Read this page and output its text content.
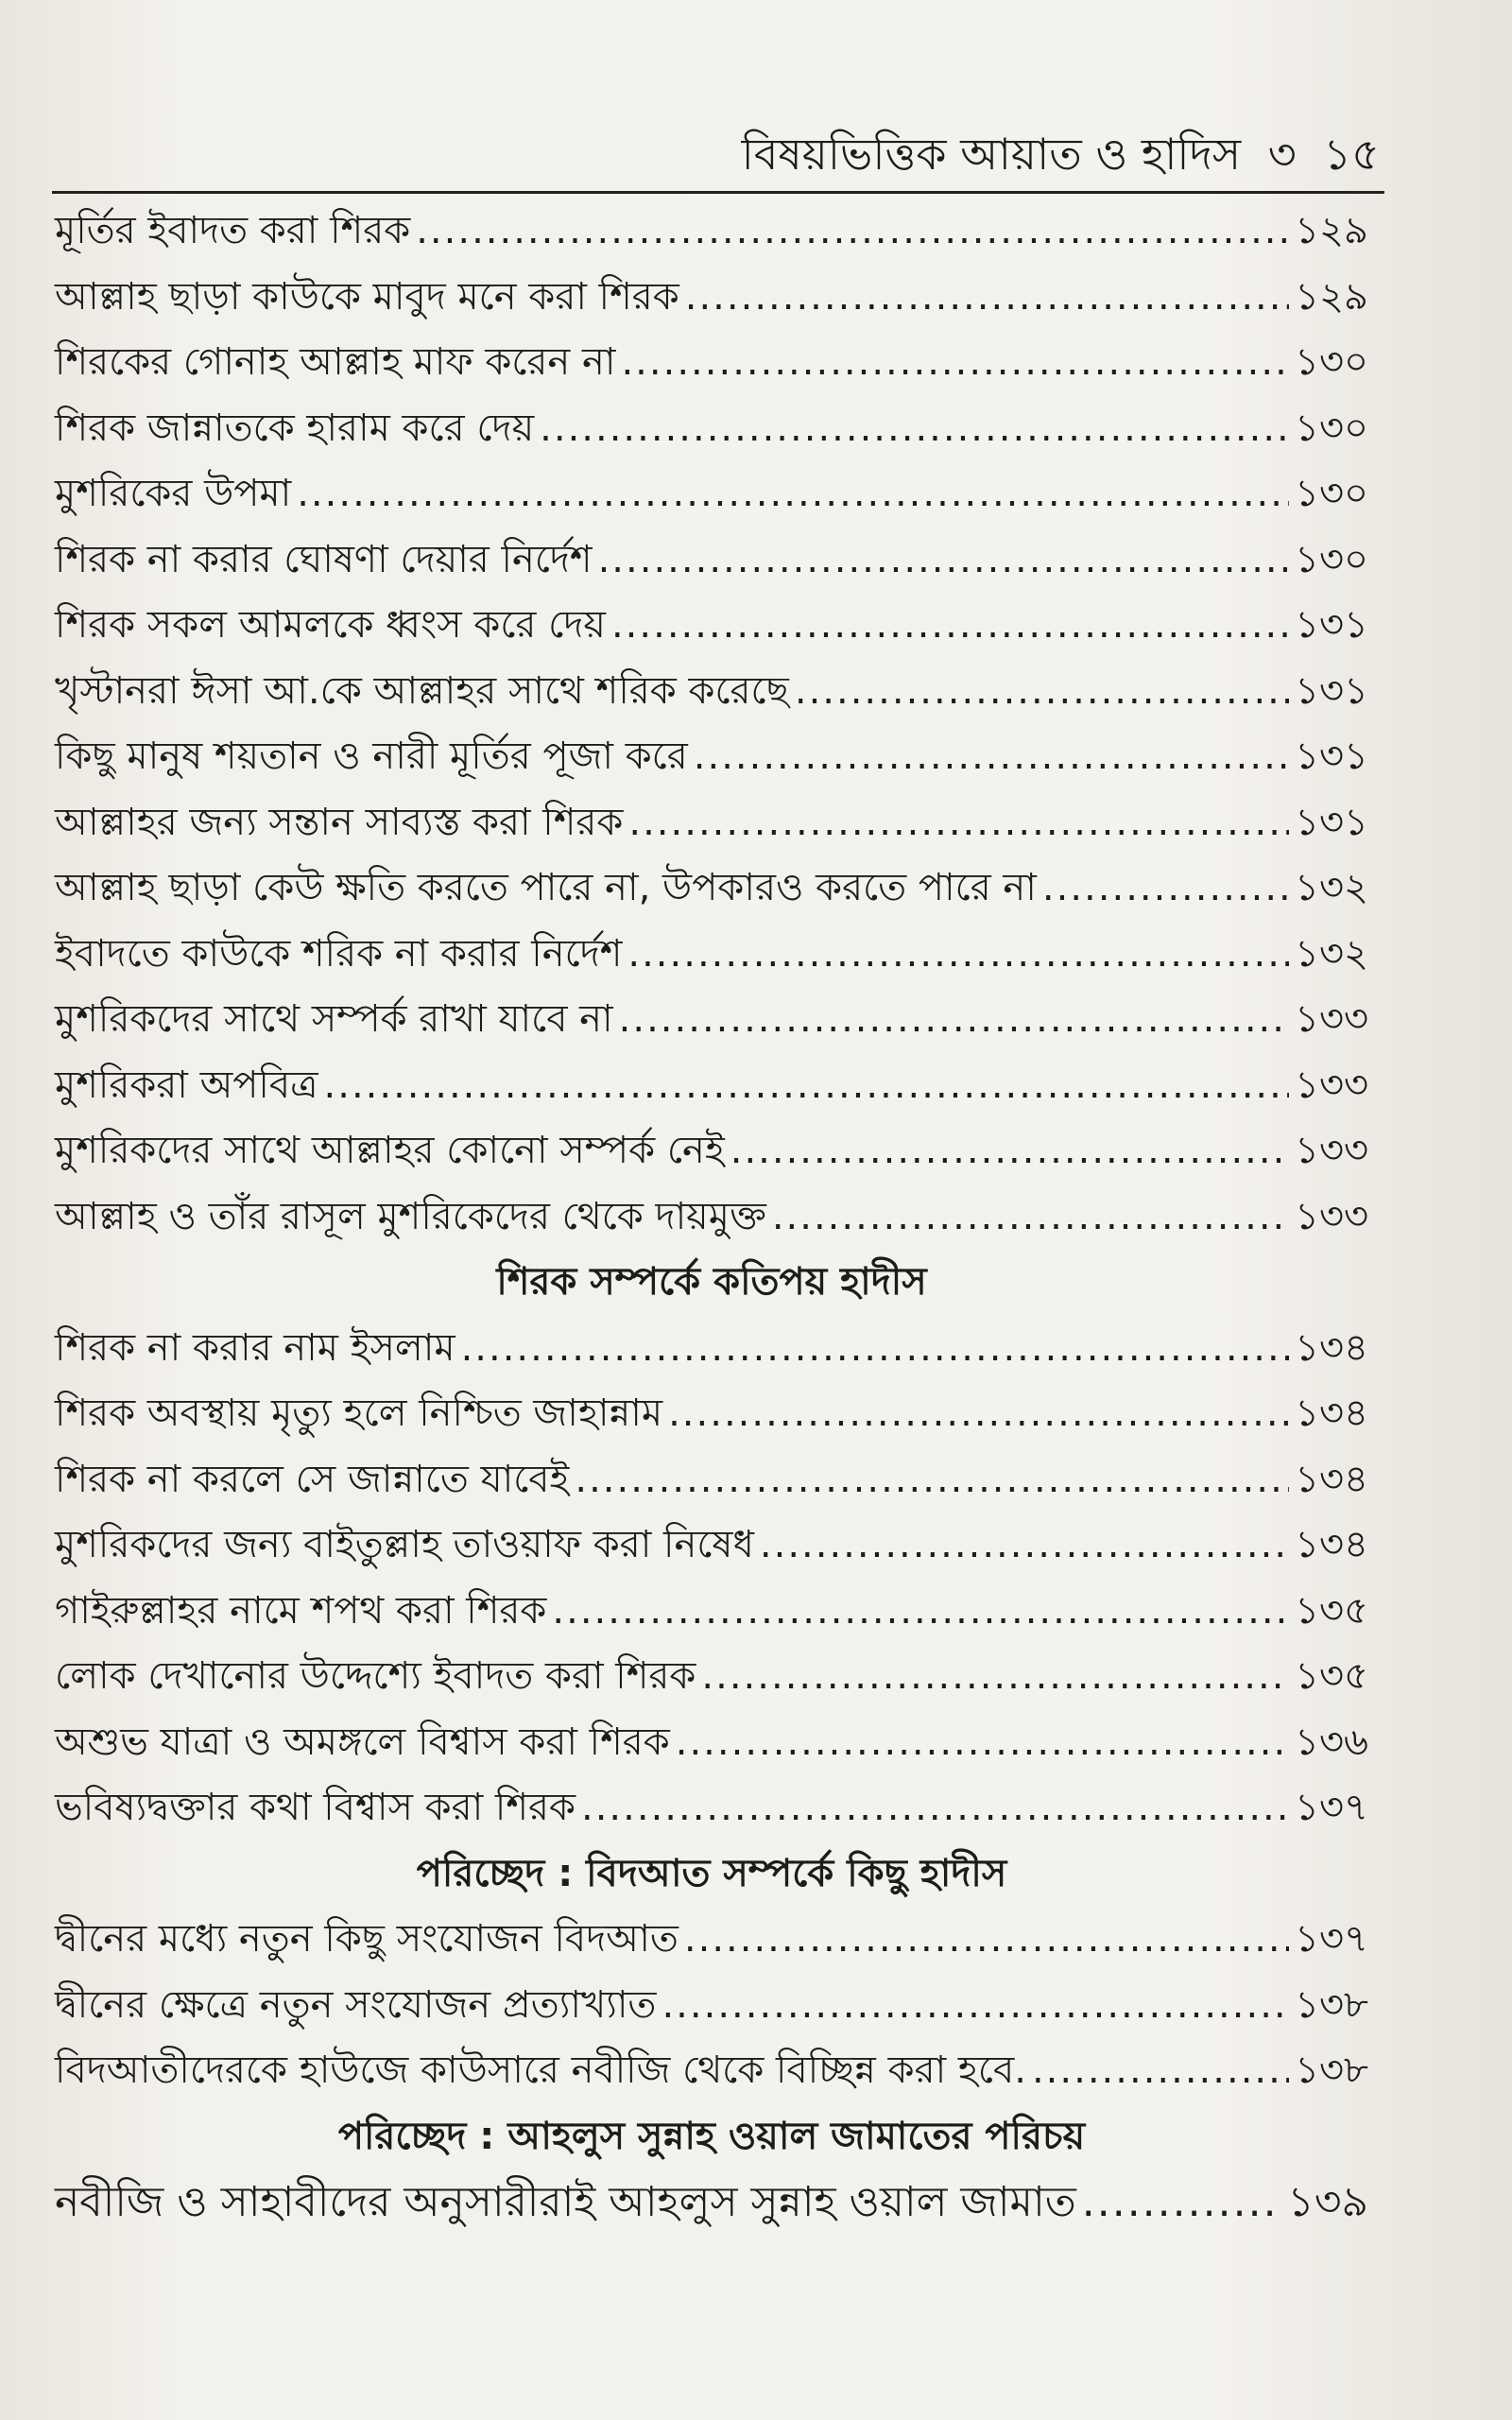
বিষয়ভিত্তিক আয়াত ও হাদিস ৩ ১৫
মূর্তির ইবাদত করা শিরক .....	১২৯
আল্লাহ ছাড়া কাউকে মাবুদ মনে করা শিরক .....	১২৯
শিরকের গোনাহ আল্লাহ মাফ করেন না .....	১৩০
শিরক জান্নাতকে হারাম করে দেয় .....	১৩০
মুশরিকের উপমা .....	১৩০
শিরক না করার ঘোষণা দেয়ার নির্দেশ .....	১৩০
শিরক সকল আমলকে ধ্বংস করে দেয় .....	১৩১
খৃস্টানরা ঈসা আ.কে আল্লাহর সাথে শরিক করেছে .....	১৩১
কিছু মানুষ শয়তান ও নারী মূর্তির পূজা করে .....	১৩১
আল্লাহর জন্য সন্তান সাব্যস্ত করা শিরক .....	১৩১
আল্লাহ ছাড়া কেউ ক্ষতি করতে পারে না, উপকারও করতে পারে না .....	১৩২
ইবাদতে কাউকে শরিক না করার নির্দেশ .....	১৩২
মুশরিকদের সাথে সম্পর্ক রাখা যাবে না .....	১৩৩
মুশরিকরা অপবিত্র .....	১৩৩
মুশরিকদের সাথে আল্লাহর কোনো সম্পর্ক নেই .....	১৩৩
আল্লাহ ও তাঁর রাসূল মুশরিকেদের থেকে দায়মুক্ত .....	১৩৩
শিরক সম্পর্কে কতিপয় হাদীস
শিরক না করার নাম ইসলাম .....	১৩৪
শিরক অবস্থায় মৃত্যু হলে নিশ্চিত জাহান্নাম .....	১৩৪
শিরক না করলে সে জান্নাতে যাবেই .....	১৩৪
মুশরিকদের জন্য বাইতুল্লাহ তাওয়াফ করা নিষেধ .....	১৩৪
গাইরুল্লাহর নামে শপথ করা শিরক .....	১৩৫
লোক দেখানোর উদ্দেশ্যে ইবাদত করা শিরক .....	১৩৫
অশুভ যাত্রা ও অমঙ্গলে বিশ্বাস করা শিরক .....	১৩৬
ভবিষ্যদ্বক্তার কথা বিশ্বাস করা শিরক .....	১৩৭
পরিচ্ছেদ : বিদআত সম্পর্কে কিছু হাদীস
দ্বীনের মধ্যে নতুন কিছু সংযোজন বিদআত .....	১৩৭
দ্বীনের ক্ষেত্রে নতুন সংযোজন প্রত্যাখ্যাত .....	১৩৮
বিদআতীদেরকে হাউজে কাউসারে নবীজি থেকে বিচ্ছিন্ন করা হবে. .....	১৩৮
পরিচ্ছেদ : আহলুস সুন্নাহ ওয়াল জামাতের পরিচয়
নবীজি ও সাহাবীদের অনুসারীরাই আহলুস সুন্নাহ ওয়াল জামাত .....	১৩৯
